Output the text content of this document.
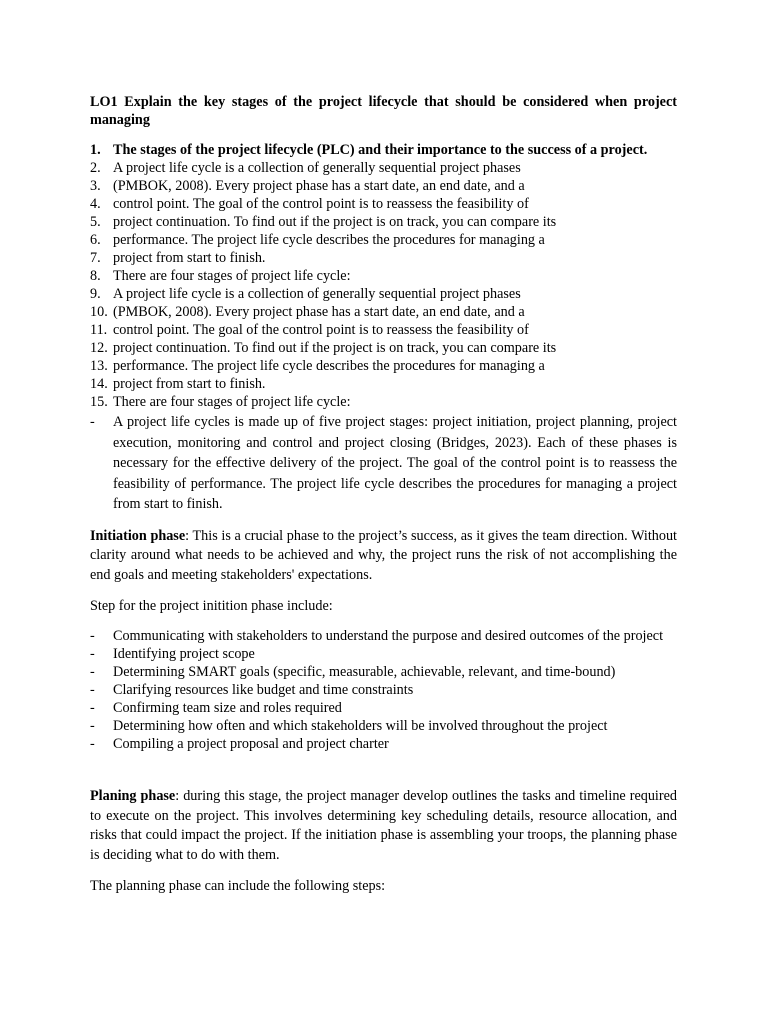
LO1 Explain the key stages of the project lifecycle that should be considered when project managing

1. The stages of the project lifecycle (PLC) and their importance to the success of a project.
2. A project life cycle is a collection of generally sequential project phases
3. (PMBOK, 2008). Every project phase has a start date, an end date, and a
4. control point. The goal of the control point is to reassess the feasibility of
5. project continuation. To find out if the project is on track, you can compare its
6. performance. The project life cycle describes the procedures for managing a
7. project from start to finish.
8. There are four stages of project life cycle:
9. A project life cycle is a collection of generally sequential project phases
10. (PMBOK, 2008). Every project phase has a start date, an end date, and a
11. control point. The goal of the control point is to reassess the feasibility of
12. project continuation. To find out if the project is on track, you can compare its
13. performance. The project life cycle describes the procedures for managing a
14. project from start to finish.
15. There are four stages of project life cycle:
-	A project life cycles is made up of five project stages: project initiation, project planning, project execution, monitoring and control and project closing (Bridges, 2023). Each of these phases is necessary for the effective delivery of the project. The goal of the control point is to reassess the feasibility of performance. The project life cycle describes the procedures for managing a project from start to finish.

Initiation phase: This is a crucial phase to the project’s success, as it gives the team direction. Without clarity around what needs to be achieved and why, the project runs the risk of not accomplishing the end goals and meeting stakeholders' expectations.

Step for the project initition phase include:

- Communicating with stakeholders to understand the purpose and desired outcomes of the project
- Identifying project scope
- Determining SMART goals (specific, measurable, achievable, relevant, and time-bound)
- Clarifying resources like budget and time constraints
- Confirming team size and roles required
- Determining how often and which stakeholders will be involved throughout the project
- Compiling a project proposal and project charter

Planing phase: during this stage, the project manager develop outlines the tasks and timeline required to execute on the project. This involves determining key scheduling details, resource allocation, and risks that could impact the project. If the initiation phase is assembling your troops, the planning phase is deciding what to do with them.

The planning phase can include the following steps:
